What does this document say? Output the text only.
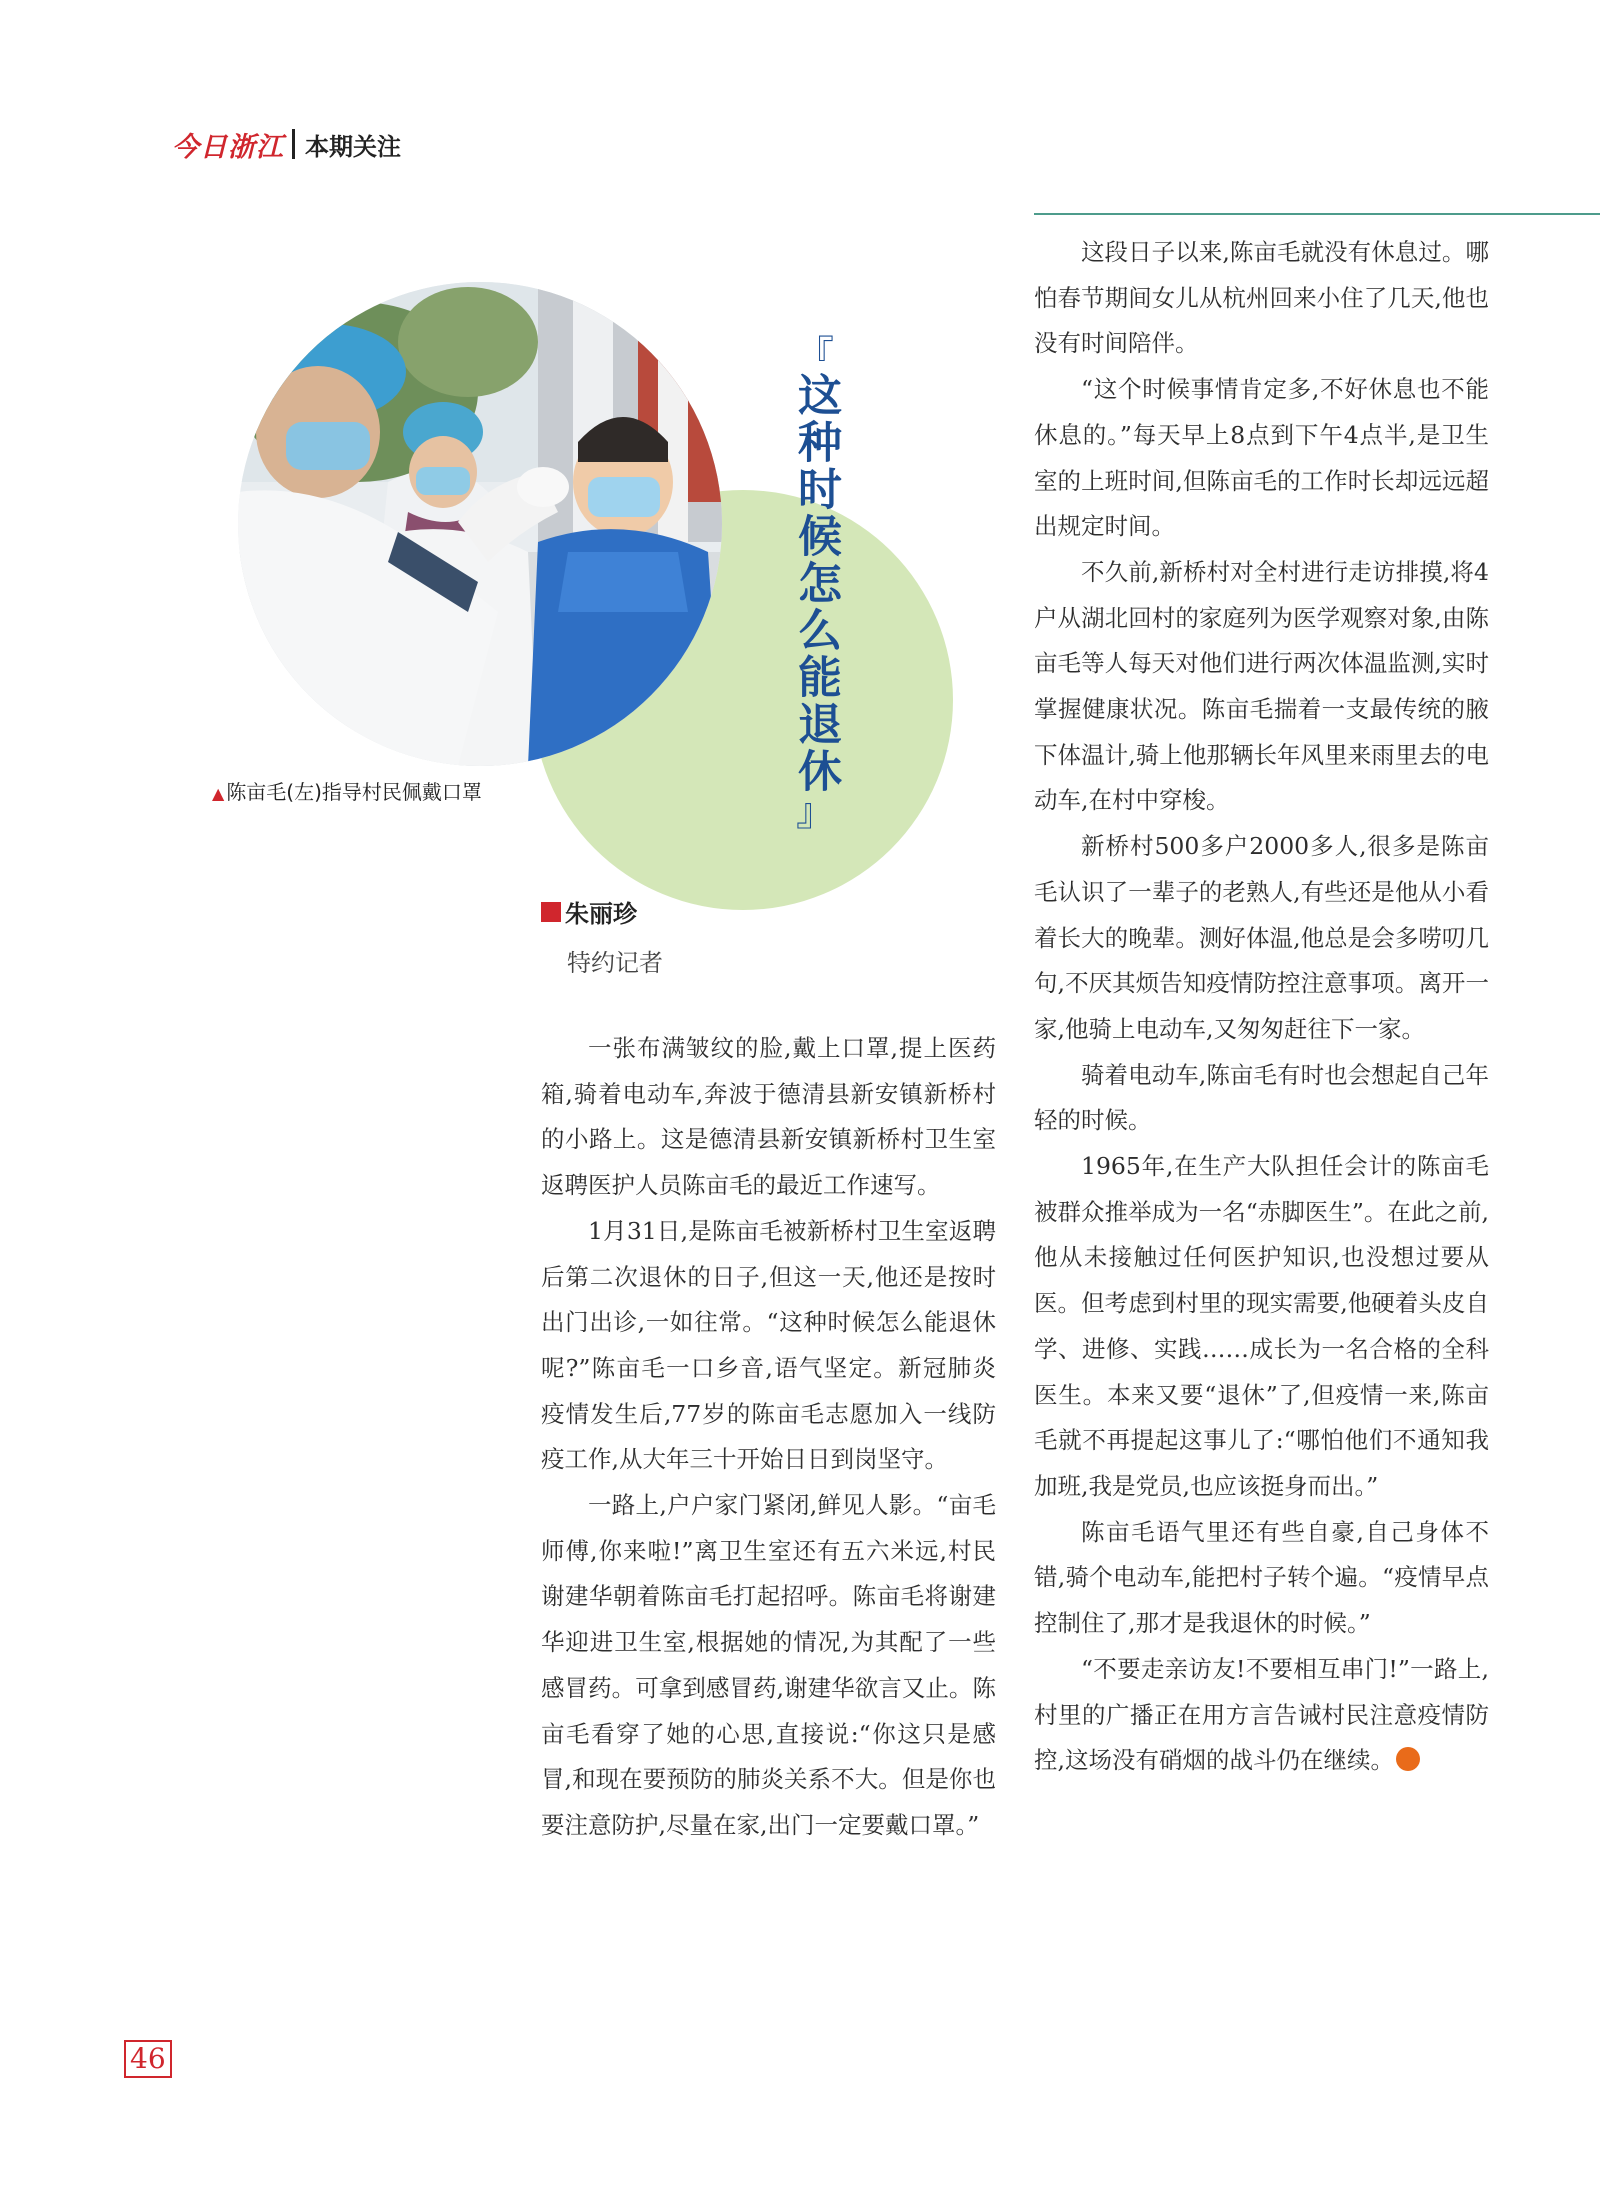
今日浙江 本期关注
▲ 陈亩毛(左)指导村民佩戴口罩
『
这种时候怎么能退休
』
朱丽珍
特约记者

一张布满皱纹的脸,戴上口罩,提上医药箱,骑着电动车,奔波于德清县新安镇新桥村的小路上。这是德清县新安镇新桥村卫生室返聘医护人员陈亩毛的最近工作速写。

1月31日,是陈亩毛被新桥村卫生室返聘后第二次退休的日子,但这一天,他还是按时出门出诊,一如往常。“这种时候怎么能退休呢?”陈亩毛一口乡音,语气坚定。新冠肺炎疫情发生后,77岁的陈亩毛志愿加入一线防疫工作,从大年三十开始日日到岗坚守。

一路上,户户家门紧闭,鲜见人影。“亩毛师傅,你来啦!”离卫生室还有五六米远,村民谢建华朝着陈亩毛打起招呼。陈亩毛将谢建华迎进卫生室,根据她的情况,为其配了一些感冒药。可拿到感冒药,谢建华欲言又止。陈亩毛看穿了她的心思,直接说:“你这只是感冒,和现在要预防的肺炎关系不大。但是你也要注意防护,尽量在家,出门一定要戴口罩。”

这段日子以来,陈亩毛就没有休息过。哪怕春节期间女儿从杭州回来小住了几天,他也没有时间陪伴。

“这个时候事情肯定多,不好休息也不能休息的。”每天早上8点到下午4点半,是卫生室的上班时间,但陈亩毛的工作时长却远远超出规定时间。

不久前,新桥村对全村进行走访排摸,将4户从湖北回村的家庭列为医学观察对象,由陈亩毛等人每天对他们进行两次体温监测,实时掌握健康状况。陈亩毛揣着一支最传统的腋下体温计,骑上他那辆长年风里来雨里去的电动车,在村中穿梭。

新桥村500多户2000多人,很多是陈亩毛认识了一辈子的老熟人,有些还是他从小看着长大的晚辈。测好体温,他总是会多唠叨几句,不厌其烦告知疫情防控注意事项。离开一家,他骑上电动车,又匆匆赶往下一家。

骑着电动车,陈亩毛有时也会想起自己年轻的时候。

1965年,在生产大队担任会计的陈亩毛被群众推举成为一名“赤脚医生”。在此之前,他从未接触过任何医护知识,也没想过要从医。但考虑到村里的现实需要,他硬着头皮自学、进修、实践……成长为一名合格的全科医生。本来又要“退休”了,但疫情一来,陈亩毛就不再提起这事儿了:“哪怕他们不通知我加班,我是党员,也应该挺身而出。”

陈亩毛语气里还有些自豪,自己身体不错,骑个电动车,能把村子转个遍。“疫情早点控制住了,那才是我退休的时候。”

“不要走亲访友!不要相互串门!”一路上,村里的广播正在用方言告诫村民注意疫情防控,这场没有硝烟的战斗仍在继续。

46
